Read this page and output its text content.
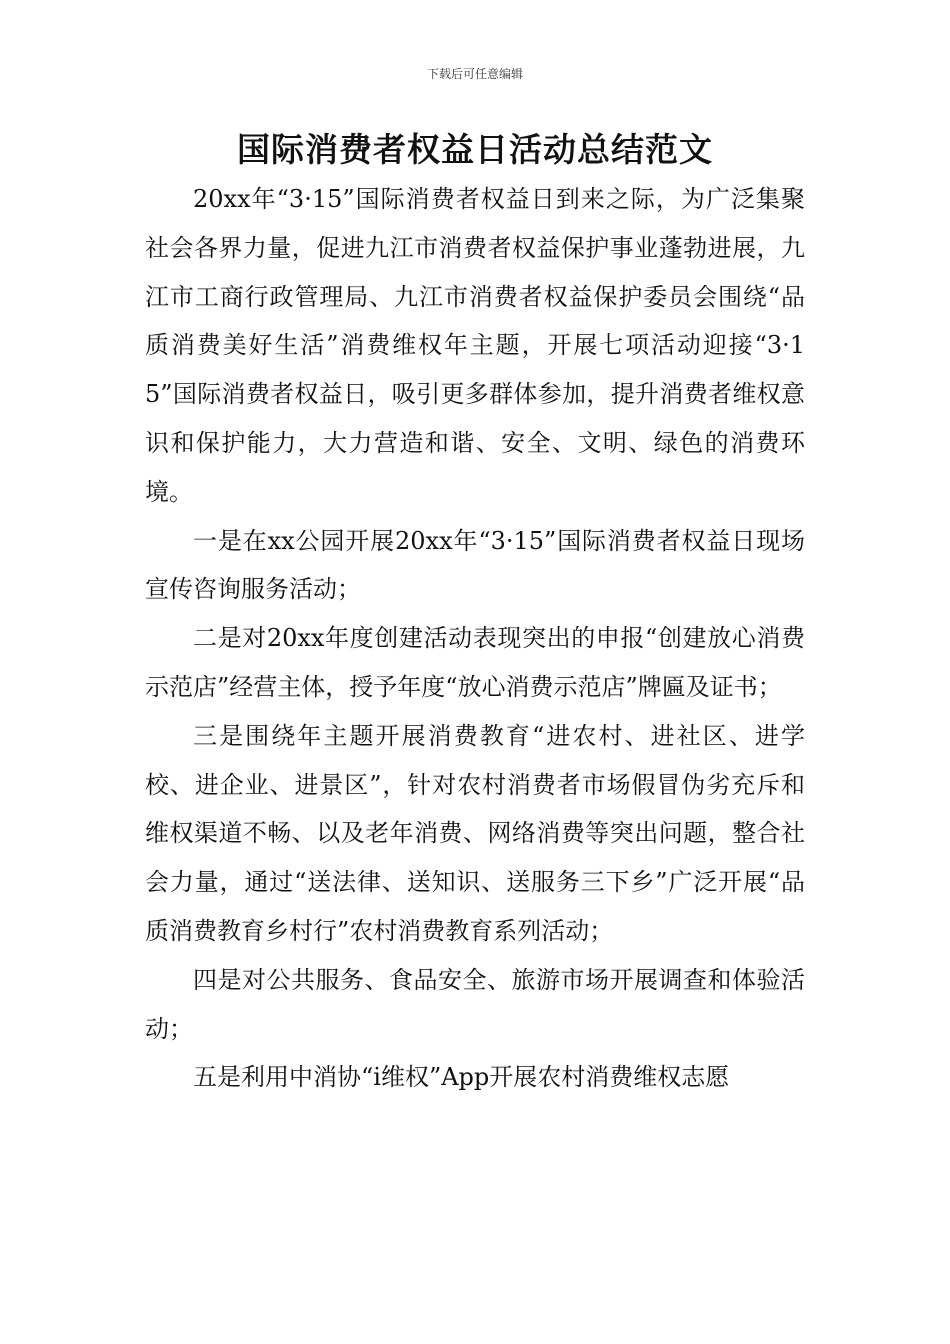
下载后可任意编辑
国际消费者权益日活动总结范文

20xx年“3·15”国际消费者权益日到来之际，为广泛集聚社会各界力量，促进九江市消费者权益保护事业蓬勃进展，九江市工商行政管理局、九江市消费者权益保护委员会围绕“品质消费美好生活”消费维权年主题，开展七项活动迎接“3·15”国际消费者权益日，吸引更多群体参加，提升消费者维权意识和保护能力，大力营造和谐、安全、文明、绿色的消费环境。

一是在xx公园开展20xx年“3·15”国际消费者权益日现场宣传咨询服务活动；

二是对20xx年度创建活动表现突出的申报“创建放心消费示范店”经营主体，授予年度“放心消费示范店”牌匾及证书；

三是围绕年主题开展消费教育“进农村、进社区、进学校、进企业、进景区”，针对农村消费者市场假冒伪劣充斥和维权渠道不畅、以及老年消费、网络消费等突出问题，整合社会力量，通过“送法律、送知识、送服务三下乡”广泛开展“品质消费教育乡村行”农村消费教育系列活动；

四是对公共服务、食品安全、旅游市场开展调查和体验活动；

五是利用中消协“i维权”App开展农村消费维权志愿
